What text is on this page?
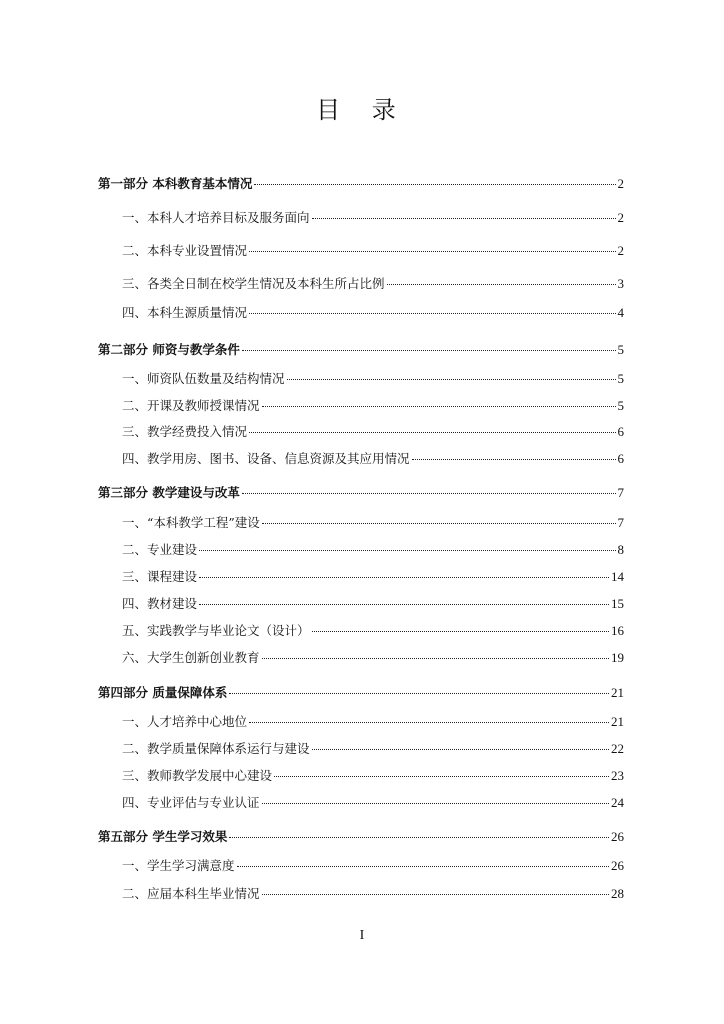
目 录
第一部分 本科教育基本情况	2
一、本科人才培养目标及服务面向	2
二、本科专业设置情况	2
三、各类全日制在校学生情况及本科生所占比例	3
四、本科生源质量情况	4
第二部分 师资与教学条件	5
一、师资队伍数量及结构情况	5
二、开课及教师授课情况	5
三、教学经费投入情况	6
四、教学用房、图书、设备、信息资源及其应用情况	6
第三部分 教学建设与改革	7
一、“本科教学工程”建设	7
二、专业建设	8
三、课程建设	14
四、教材建设	15
五、实践教学与毕业论文（设计）	16
六、大学生创新创业教育	19
第四部分 质量保障体系	21
一、人才培养中心地位	21
二、教学质量保障体系运行与建设	22
三、教师教学发展中心建设	23
四、专业评估与专业认证	24
第五部分 学生学习效果	26
一、学生学习满意度	26
二、应届本科生毕业情况	28
I
